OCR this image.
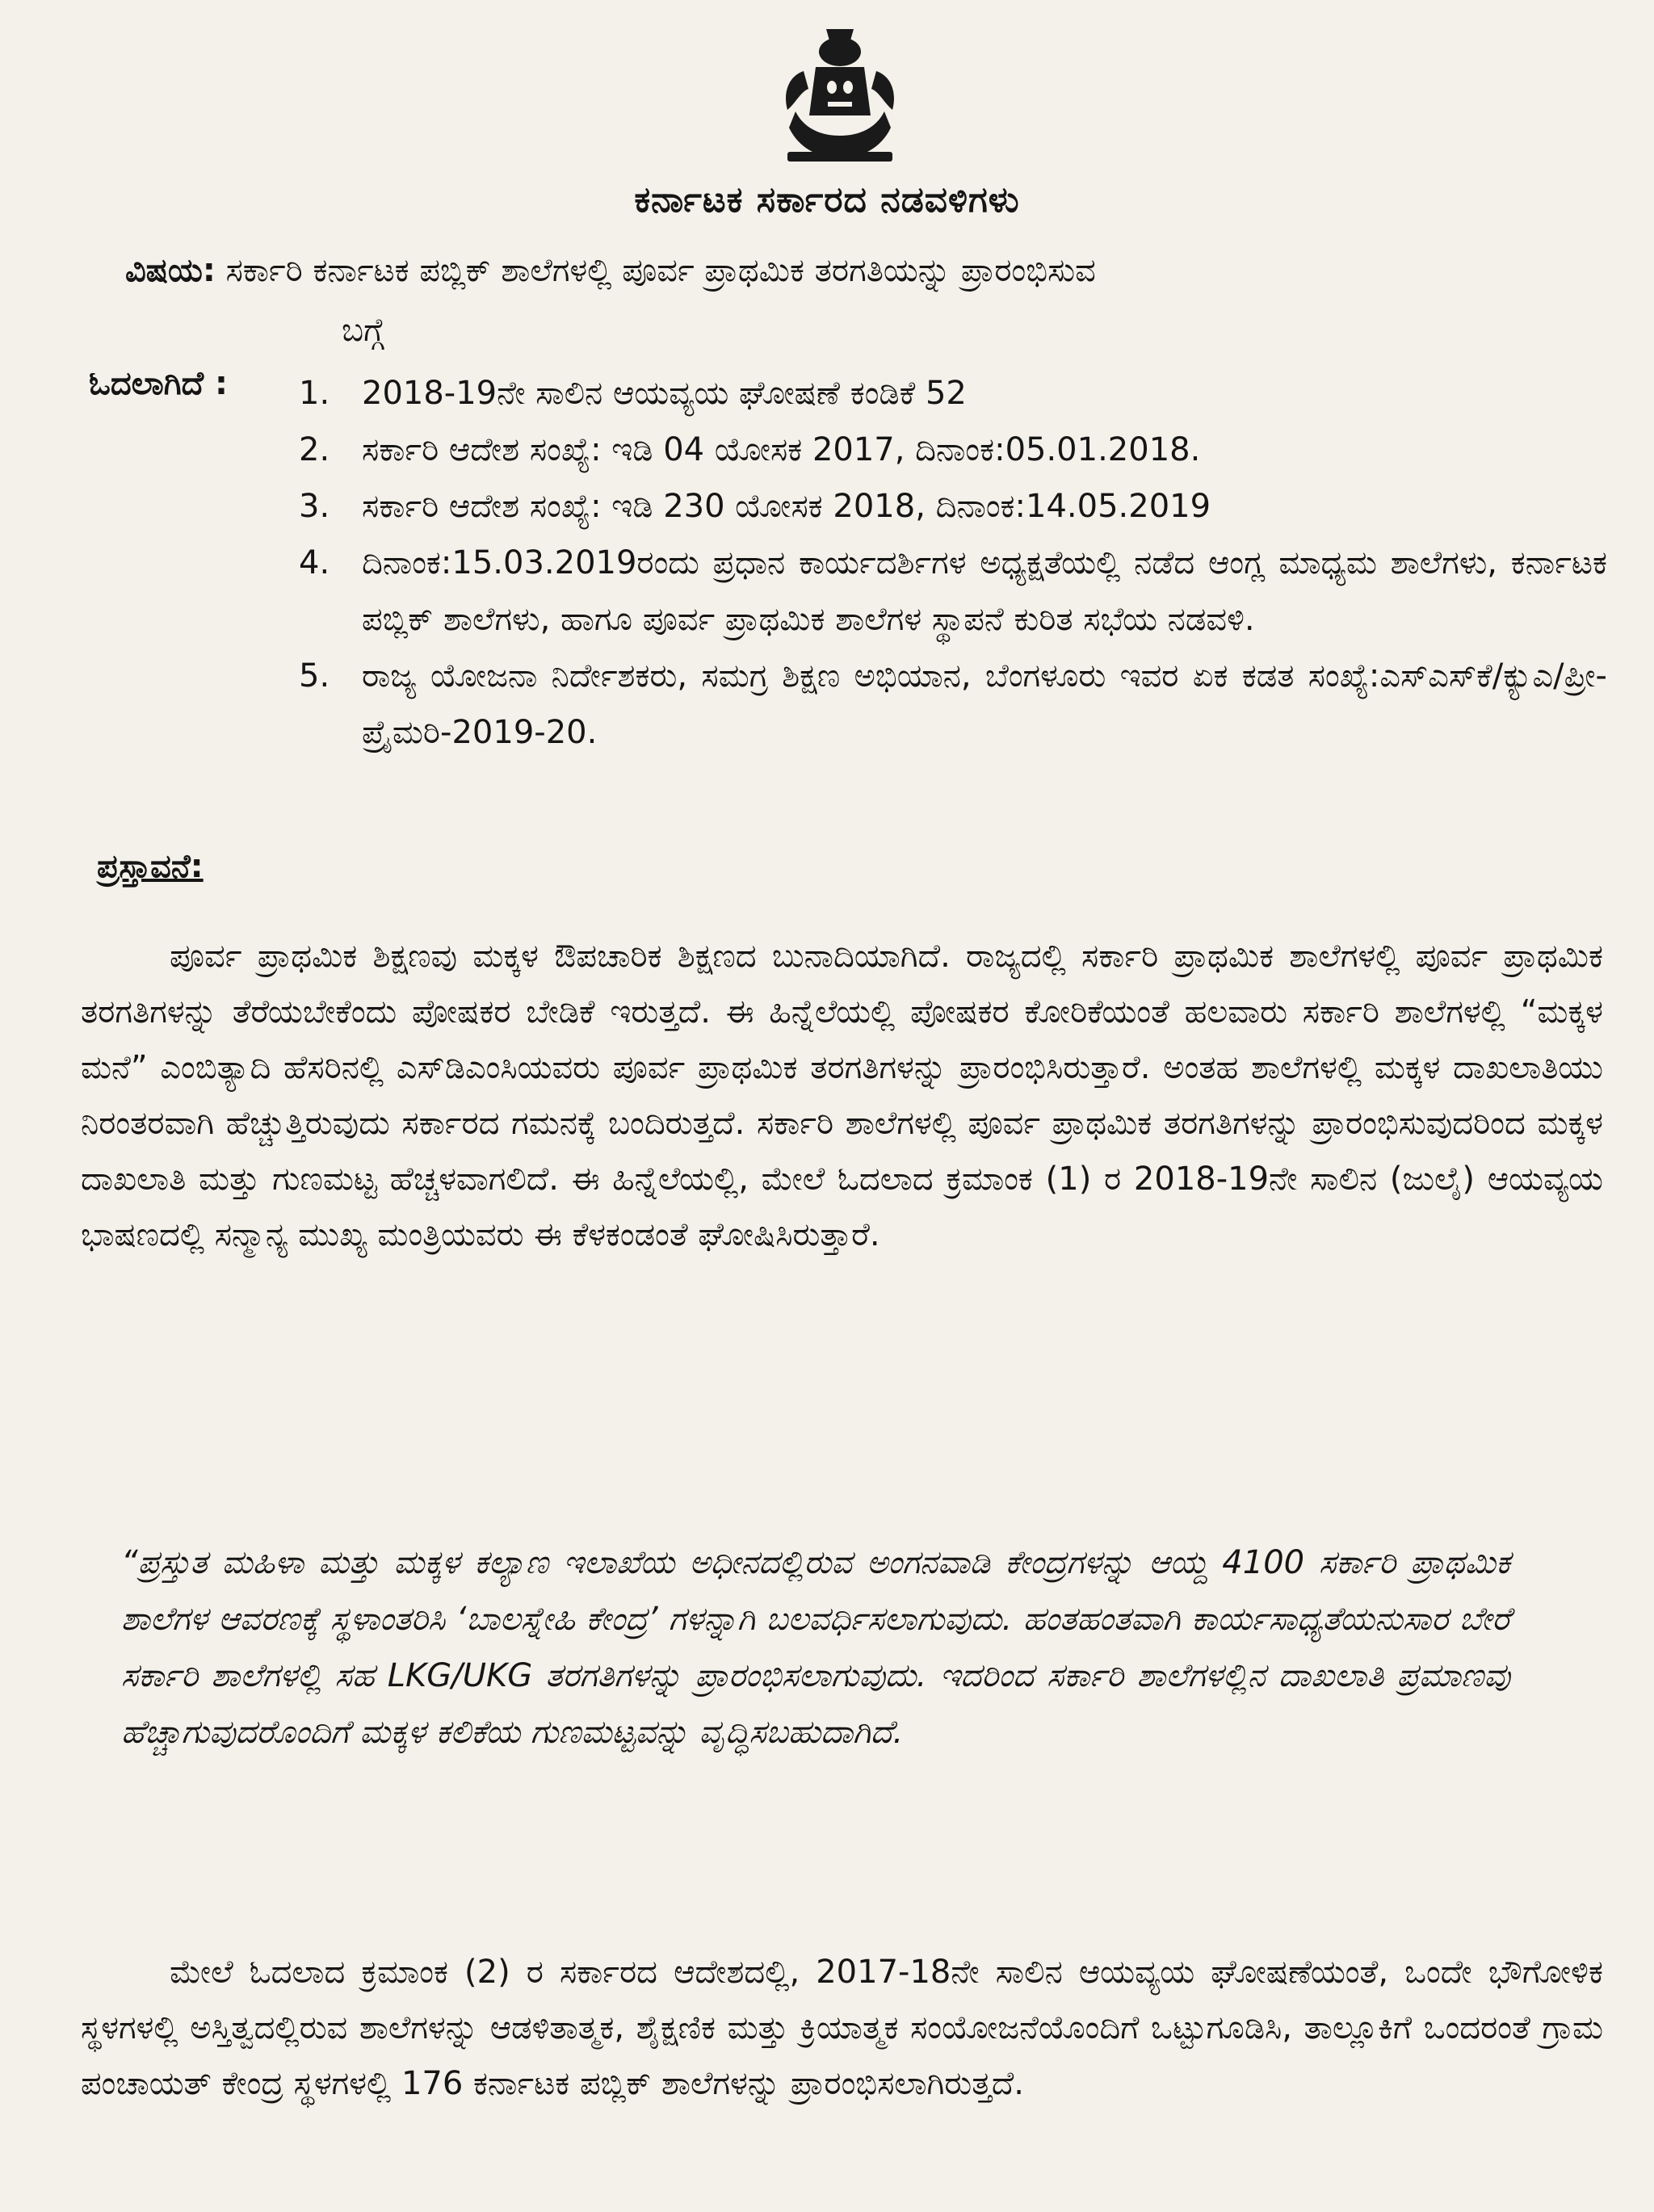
ಕರ್ನಾಟಕ ಸರ್ಕಾರದ ನಡವಳಿಗಳು
ವಿಷಯ: ಸರ್ಕಾರಿ ಕರ್ನಾಟಕ ಪಬ್ಲಿಕ್ ಶಾಲೆಗಳಲ್ಲಿ ಪೂರ್ವ ಪ್ರಾಥಮಿಕ ತರಗತಿಯನ್ನು ಪ್ರಾರಂಭಿಸುವ
ಬಗ್ಗೆ
ಓದಲಾಗಿದೆ : 1. 2018-19ನೇ ಸಾಲಿನ ಆಯವ್ಯಯ ಘೋಷಣೆ ಕಂಡಿಕೆ 52
2. ಸರ್ಕಾರಿ ಆದೇಶ ಸಂಖ್ಯೆ: ಇಡಿ 04 ಯೋಸಕ 2017, ದಿನಾಂಕ:05.01.2018.
3. ಸರ್ಕಾರಿ ಆದೇಶ ಸಂಖ್ಯೆ: ಇಡಿ 230 ಯೋಸಕ 2018, ದಿನಾಂಕ:14.05.2019
4. ದಿನಾಂಕ:15.03.2019ರಂದು ಪ್ರಧಾನ ಕಾರ್ಯದರ್ಶಿಗಳ ಅಧ್ಯಕ್ಷತೆಯಲ್ಲಿ ನಡೆದ ಆಂಗ್ಲ ಮಾಧ್ಯಮ ಶಾಲೆಗಳು, ಕರ್ನಾಟಕ ಪಬ್ಲಿಕ್ ಶಾಲೆಗಳು, ಹಾಗೂ ಪೂರ್ವ ಪ್ರಾಥಮಿಕ ಶಾಲೆಗಳ ಸ್ಥಾಪನೆ ಕುರಿತ ಸಭೆಯ ನಡವಳಿ.
5. ರಾಜ್ಯ ಯೋಜನಾ ನಿರ್ದೇಶಕರು, ಸಮಗ್ರ ಶಿಕ್ಷಣ ಅಭಿಯಾನ, ಬೆಂಗಳೂರು ಇವರ ಏಕ ಕಡತ ಸಂಖ್ಯೆ:ಎಸ್‌ಎಸ್‌ಕೆ/ಕ್ಯುಎ/ಪ್ರೀ-ಪ್ರೈಮರಿ-2019-20.
ಪ್ರಸ್ತಾವನೆ:
ಪೂರ್ವ ಪ್ರಾಥಮಿಕ ಶಿಕ್ಷಣವು ಮಕ್ಕಳ ಔಪಚಾರಿಕ ಶಿಕ್ಷಣದ ಬುನಾದಿಯಾಗಿದೆ. ರಾಜ್ಯದಲ್ಲಿ ಸರ್ಕಾರಿ ಪ್ರಾಥಮಿಕ ಶಾಲೆಗಳಲ್ಲಿ ಪೂರ್ವ ಪ್ರಾಥಮಿಕ ತರಗತಿಗಳನ್ನು ತೆರೆಯಬೇಕೆಂದು ಪೋಷಕರ ಬೇಡಿಕೆ ಇರುತ್ತದೆ. ಈ ಹಿನ್ನೆಲೆಯಲ್ಲಿ ಪೋಷಕರ ಕೋರಿಕೆಯಂತೆ ಹಲವಾರು ಸರ್ಕಾರಿ ಶಾಲೆಗಳಲ್ಲಿ “ಮಕ್ಕಳ ಮನೆ” ಎಂಬಿತ್ಯಾದಿ ಹೆಸರಿನಲ್ಲಿ ಎಸ್‌ಡಿಎಂಸಿಯವರು ಪೂರ್ವ ಪ್ರಾಥಮಿಕ ತರಗತಿಗಳನ್ನು ಪ್ರಾರಂಭಿಸಿರುತ್ತಾರೆ. ಅಂತಹ ಶಾಲೆಗಳಲ್ಲಿ ಮಕ್ಕಳ ದಾಖಲಾತಿಯು ನಿರಂತರವಾಗಿ ಹೆಚ್ಚುತ್ತಿರುವುದು ಸರ್ಕಾರದ ಗಮನಕ್ಕೆ ಬಂದಿರುತ್ತದೆ. ಸರ್ಕಾರಿ ಶಾಲೆಗಳಲ್ಲಿ ಪೂರ್ವ ಪ್ರಾಥಮಿಕ ತರಗತಿಗಳನ್ನು ಪ್ರಾರಂಭಿಸುವುದರಿಂದ ಮಕ್ಕಳ ದಾಖಲಾತಿ ಮತ್ತು ಗುಣಮಟ್ಟ ಹೆಚ್ಚಳವಾಗಲಿದೆ. ಈ ಹಿನ್ನೆಲೆಯಲ್ಲಿ, ಮೇಲೆ ಓದಲಾದ ಕ್ರಮಾಂಕ (1) ರ 2018-19ನೇ ಸಾಲಿನ (ಜುಲೈ) ಆಯವ್ಯಯ ಭಾಷಣದಲ್ಲಿ ಸನ್ಮಾನ್ಯ ಮುಖ್ಯ ಮಂತ್ರಿಯವರು ಈ ಕೆಳಕಂಡಂತೆ ಘೋಷಿಸಿರುತ್ತಾರೆ.
“ಪ್ರಸ್ತುತ ಮಹಿಳಾ ಮತ್ತು ಮಕ್ಕಳ ಕಲ್ಯಾಣ ಇಲಾಖೆಯ ಅಧೀನದಲ್ಲಿರುವ ಅಂಗನವಾಡಿ ಕೇಂದ್ರಗಳನ್ನು ಆಯ್ದ 4100 ಸರ್ಕಾರಿ ಪ್ರಾಥಮಿಕ ಶಾಲೆಗಳ ಆವರಣಕ್ಕೆ ಸ್ಥಳಾಂತರಿಸಿ ‘ಬಾಲಸ್ನೇಹಿ ಕೇಂದ್ರ’ ಗಳನ್ನಾಗಿ ಬಲವರ್ಧಿಸಲಾಗುವುದು. ಹಂತಹಂತವಾಗಿ ಕಾರ್ಯಸಾಧ್ಯತೆಯನುಸಾರ ಬೇರೆ ಸರ್ಕಾರಿ ಶಾಲೆಗಳಲ್ಲಿ ಸಹ LKG/UKG ತರಗತಿಗಳನ್ನು ಪ್ರಾರಂಭಿಸಲಾಗುವುದು. ಇದರಿಂದ ಸರ್ಕಾರಿ ಶಾಲೆಗಳಲ್ಲಿನ ದಾಖಲಾತಿ ಪ್ರಮಾಣವು ಹೆಚ್ಚಾಗುವುದರೊಂದಿಗೆ ಮಕ್ಕಳ ಕಲಿಕೆಯ ಗುಣಮಟ್ಟವನ್ನು ವೃದ್ಧಿಸಬಹುದಾಗಿದೆ.
ಮೇಲೆ ಓದಲಾದ ಕ್ರಮಾಂಕ (2) ರ ಸರ್ಕಾರದ ಆದೇಶದಲ್ಲಿ, 2017-18ನೇ ಸಾಲಿನ ಆಯವ್ಯಯ ಘೋಷಣೆಯಂತೆ, ಒಂದೇ ಭೌಗೋಳಿಕ ಸ್ಥಳಗಳಲ್ಲಿ ಅಸ್ತಿತ್ವದಲ್ಲಿರುವ ಶಾಲೆಗಳನ್ನು ಆಡಳಿತಾತ್ಮಕ, ಶೈಕ್ಷಣಿಕ ಮತ್ತು ಕ್ರಿಯಾತ್ಮಕ ಸಂಯೋಜನೆಯೊಂದಿಗೆ ಒಟ್ಟುಗೂಡಿಸಿ, ತಾಲ್ಲೂಕಿಗೆ ಒಂದರಂತೆ ಗ್ರಾಮ ಪಂಚಾಯತ್ ಕೇಂದ್ರ ಸ್ಥಳಗಳಲ್ಲಿ 176 ಕರ್ನಾಟಕ ಪಬ್ಲಿಕ್ ಶಾಲೆಗಳನ್ನು ಪ್ರಾರಂಭಿಸಲಾಗಿರುತ್ತದೆ.
